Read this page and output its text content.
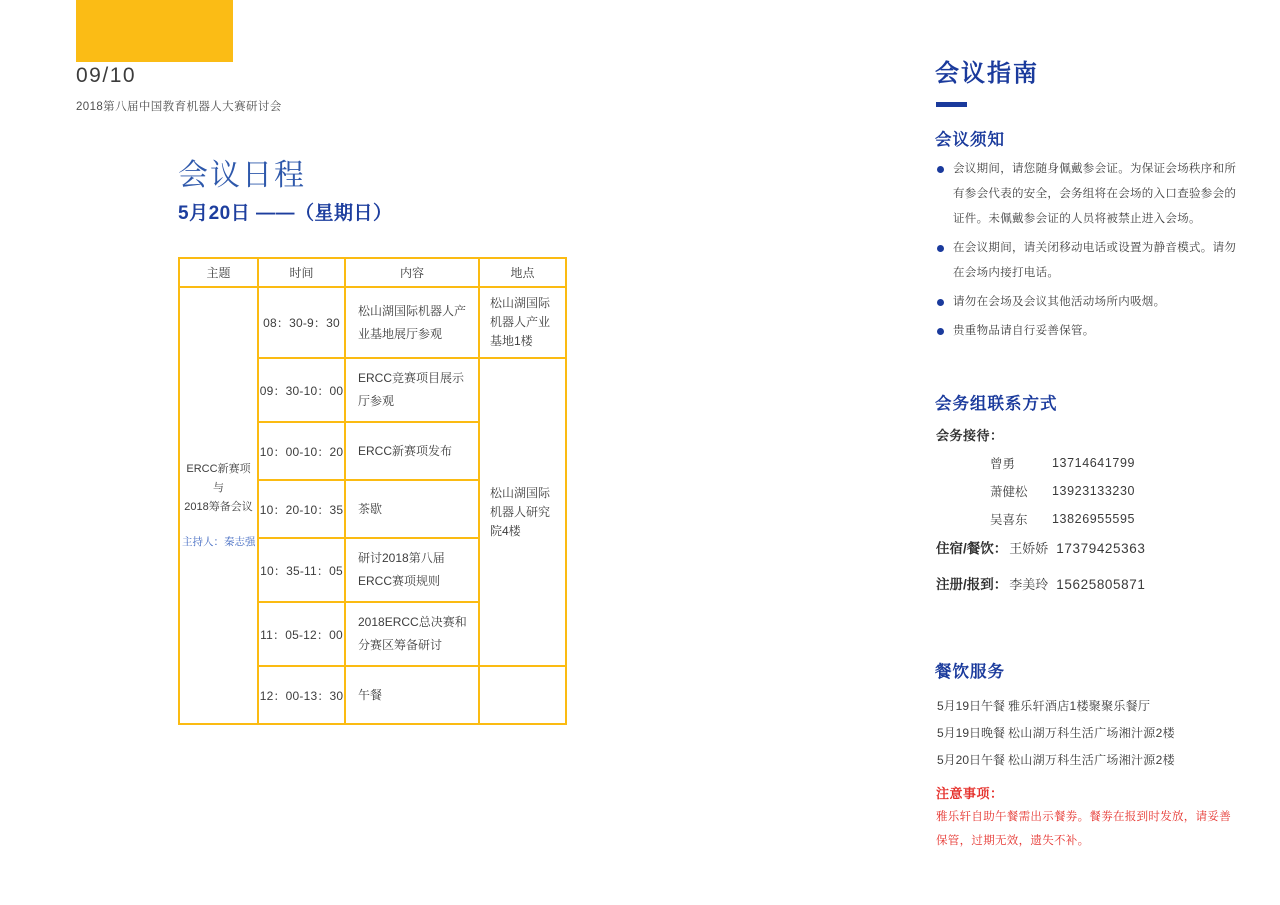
09/10
2018第八届中国教育机器人大赛研讨会
会议日程
5月20日 ——（星期日）
主题	时间	内容	地点

ERCC新赛项与
2018筹备会议
主持人：秦志强	08：30-9：30	松山湖国际机器人产业基地展厅参观	松山湖国际机器人产业基地1楼
	09：30-10：00	ERCC竞赛项目展示厅参观	松山湖国际机器人研究院4楼
	10：00-10：20	ERCC新赛项发布	
	10：20-10：35	茶歇	
	10：35-11：05	研讨2018第八届ERCC赛项规则	
	11：05-12：00	2018ERCC总决赛和分赛区筹备研讨	
	12：00-13：30	午餐	
会议指南
会议须知
会议期间，请您随身佩戴参会证。为保证会场秩序和所有参会代表的安全，会务组将在会场的入口查验参会的证件。未佩戴参会证的人员将被禁止进入会场。
在会议期间，请关闭移动电话或设置为静音模式。请勿在会场内接打电话。
请勿在会场及会议其他活动场所内吸烟。
贵重物品请自行妥善保管。
会务组联系方式
会务接待：
曾勇	13714641799
萧健松	13923133230
吴喜东	13826955595
住宿/餐饮： 王娇娇 17379425363
注册/报到： 李美玲 15625805871
餐饮服务
5月19日午餐 雅乐轩酒店1楼聚聚乐餐厅
5月19日晚餐 松山湖万科生活广场湘汁源2楼
5月20日午餐 松山湖万科生活广场湘汁源2楼
注意事项：
雅乐轩自助午餐需出示餐劵。餐劵在报到时发放，请妥善保管，过期无效，遗失不补。
